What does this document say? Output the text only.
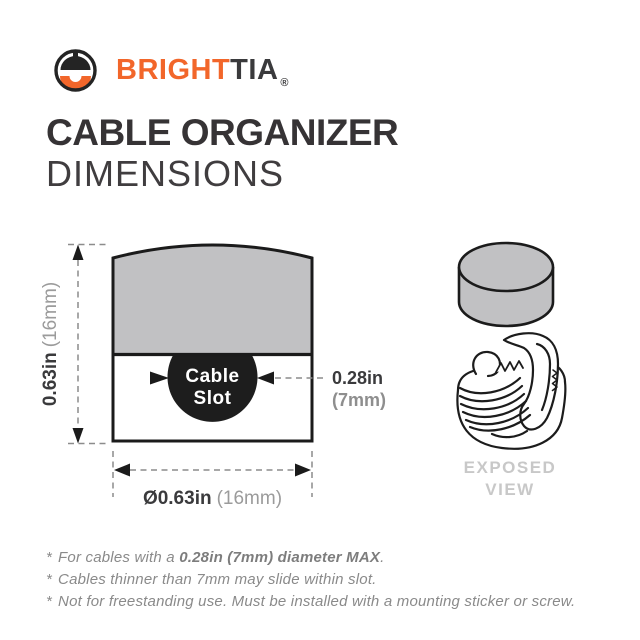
BRIGHTTIA $_®$
CABLE ORGANIZER
DIMENSIONS
Cable
Slot
0.63in(16mm)
Ø0.63in (16mm)
0.28in
(7mm)
EXPOSED
VIEW
* For cables with a 0.28in (7mm) diameter MAX.
* Cables thinner than 7mm may slide within slot.
* Not for freestanding use. Must be installed with a mounting sticker or screw.
